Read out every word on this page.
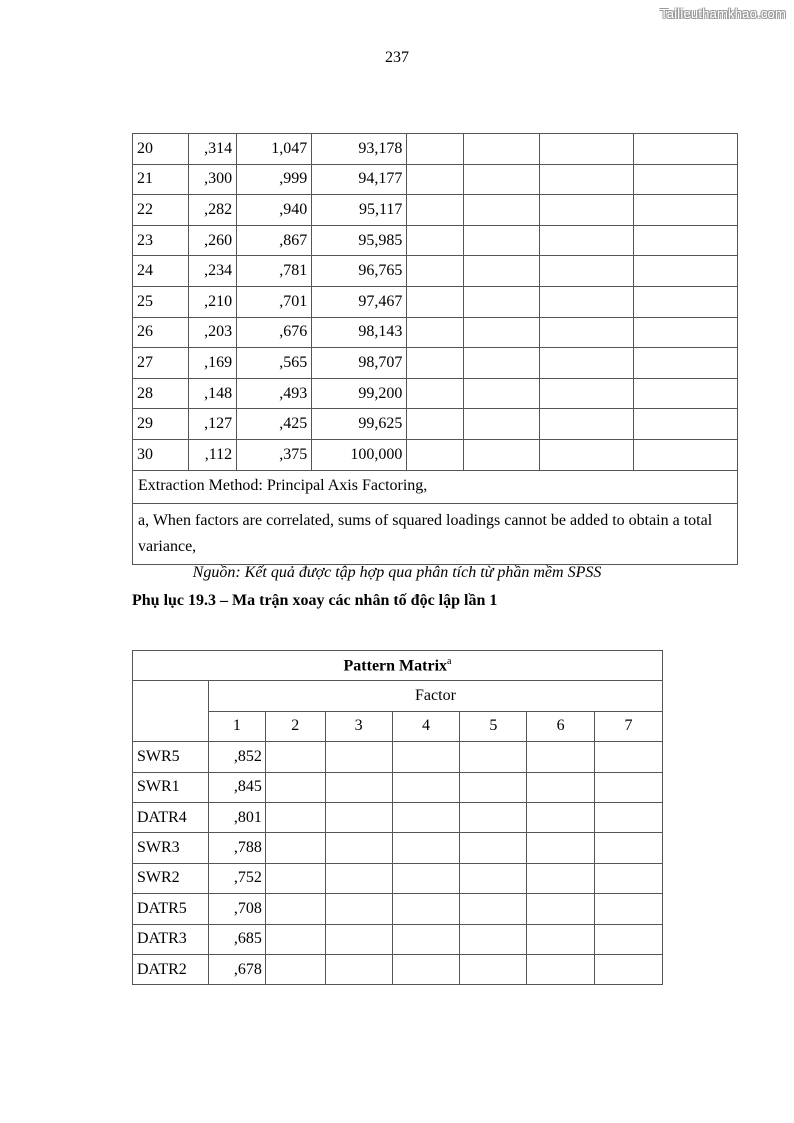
Tailieuthamkhao.com
237
20	,314	1,047	93,178				
21	,300	,999	94,177				
22	,282	,940	95,117				
23	,260	,867	95,985				
24	,234	,781	96,765				
25	,210	,701	97,467				
26	,203	,676	98,143				
27	,169	,565	98,707				
28	,148	,493	99,200				
29	,127	,425	99,625				
30	,112	,375	100,000				
Extraction Method: Principal Axis Factoring,							
a, When factors are correlated, sums of squared loadings cannot be added to obtain a total variance,							
Nguồn: Kết quả được tập hợp qua phân tích từ phần mềm SPSS
Phụ lục 19.3 – Ma trận xoay các nhân tố độc lập lần 1
Pattern Matrix$^a$
	Factor						
	1	2	3	4	5	6	7
SWR5	,852						
SWR1	,845						
DATR4	,801						
SWR3	,788						
SWR2	,752						
DATR5	,708						
DATR3	,685						
DATR2	,678						
